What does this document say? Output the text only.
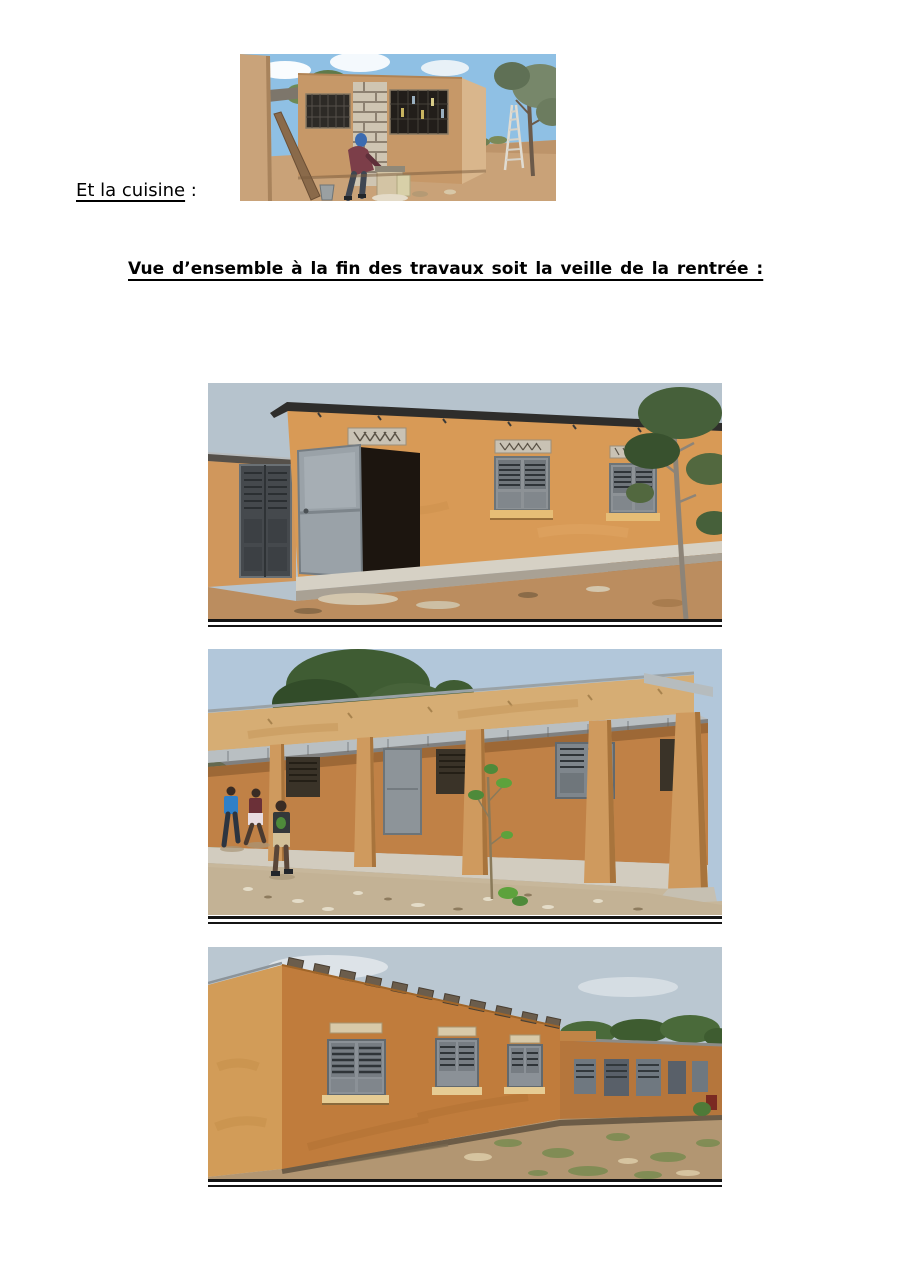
Et la cuisine :
Vue d’ensemble à la fin des travaux soit la veille de la rentrée :
